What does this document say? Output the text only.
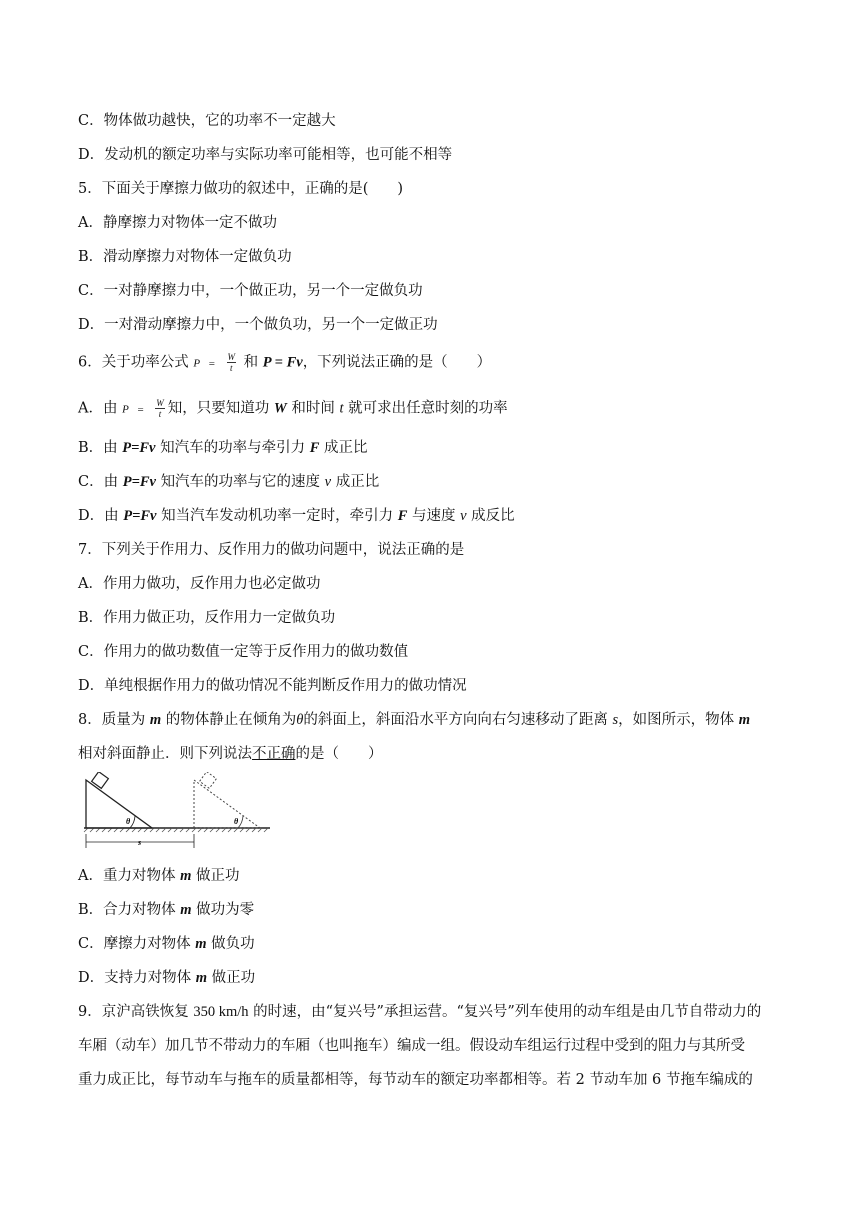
C．物体做功越快，它的功率不一定越大
D．发动机的额定功率与实际功率可能相等，也可能不相等
5．下面关于摩擦力做功的叙述中，正确的是(　　)
A．静摩擦力对物体一定不做功
B．滑动摩擦力对物体一定做负功
C．一对静摩擦力中，一个做正功，另一个一定做负功
D．一对滑动摩擦力中，一个做负功，另一个一定做正功
6．关于功率公式 $P = \frac{W}{t}$ 和 P = Fv，下列说法正确的是（　　）
A．由 $P = \frac{W}{t}$ 知，只要知道功 W 和时间 t 就可求出任意时刻的功率
B．由 P=Fv 知汽车的功率与牵引力 F 成正比
C．由 P=Fv 知汽车的功率与它的速度 v 成正比
D．由 P=Fv 知当汽车发动机功率一定时，牵引力 F 与速度 v 成反比
7．下列关于作用力、反作用力的做功问题中，说法正确的是
A．作用力做功，反作用力也必定做功
B．作用力做正功，反作用力一定做负功
C．作用力的做功数值一定等于反作用力的做功数值
D．单纯根据作用力的做功情况不能判断反作用力的做功情况
8．质量为 m 的物体静止在倾角为θ的斜面上，斜面沿水平方向向右匀速移动了距离 s，如图所示，物体 m
相对斜面静止．则下列说法不正确的是（　　）
θ	θ
s
A．重力对物体 m 做正功
B．合力对物体 m 做功为零
C．摩擦力对物体 m 做负功
D．支持力对物体 m 做正功
9．京沪高铁恢复 350 km/h 的时速，由“复兴号”承担运营。“复兴号”列车使用的动车组是由几节自带动力的
车厢（动车）加几节不带动力的车厢（也叫拖车）编成一组。假设动车组运行过程中受到的阻力与其所受
重力成正比，每节动车与拖车的质量都相等，每节动车的额定功率都相等。若 2 节动车加 6 节拖车编成的
